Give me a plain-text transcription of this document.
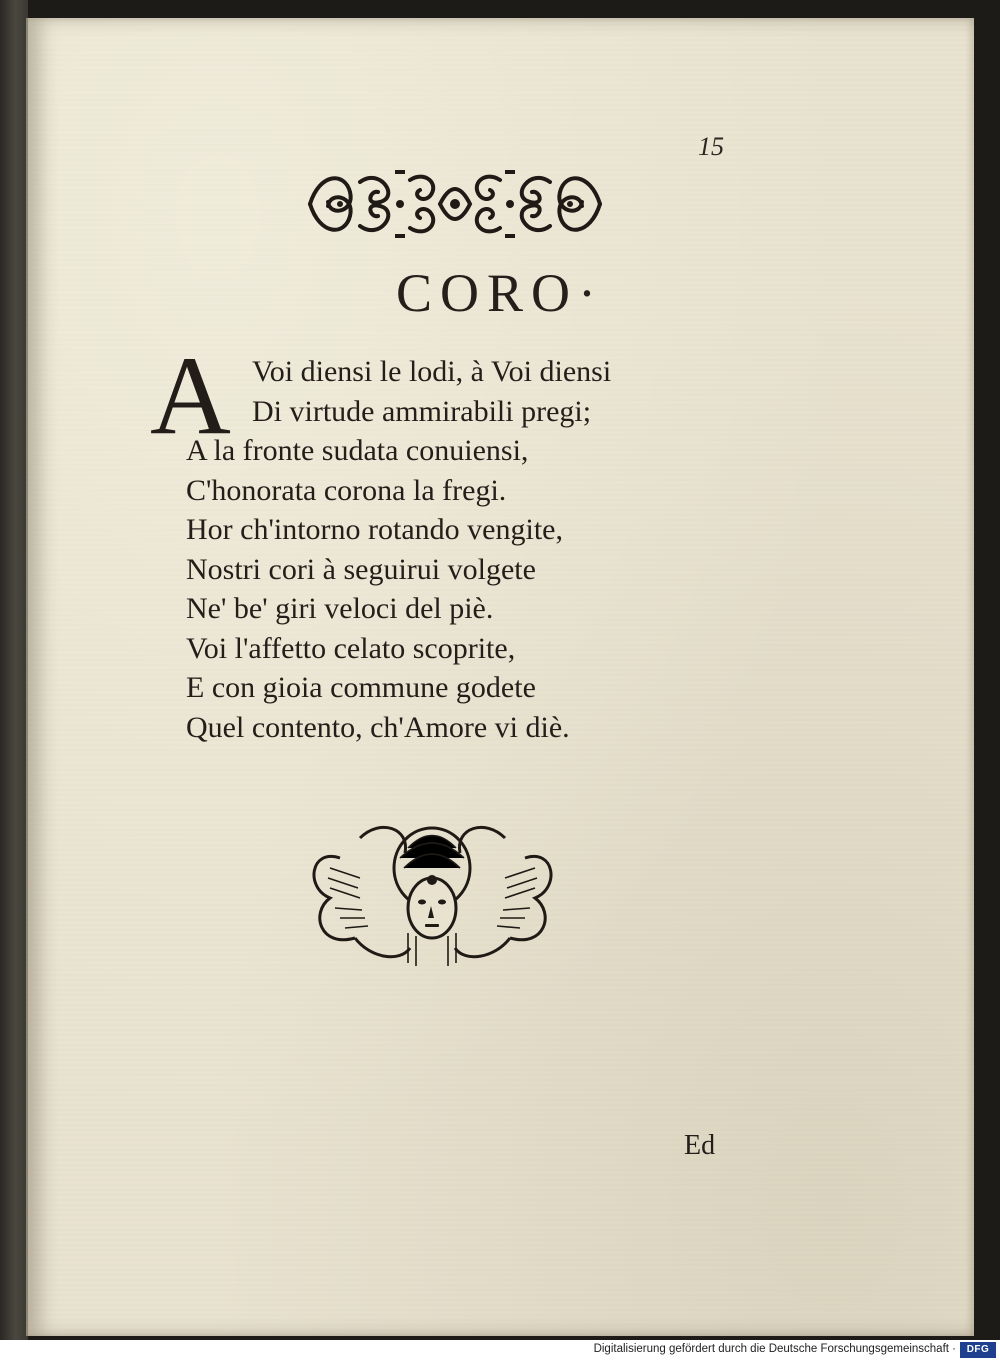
15
CORO·
A Voi diensi le lodi, à Voi diensi
Di virtude ammirabili pregi;
A la fronte sudata conuiensi,
C'honorata corona la fregi.
Hor ch'intorno rotando vengite,
Nostri cori à seguirui volgete
Ne' be' giri veloci del piè.
Voi l'affetto celato scoprite,
E con gioia commune godete
Quel contento, ch'Amore vi diè.
Ed
Digitalisierung gefördert durch die Deutsche Forschungsgemeinschaft ·	DFG
